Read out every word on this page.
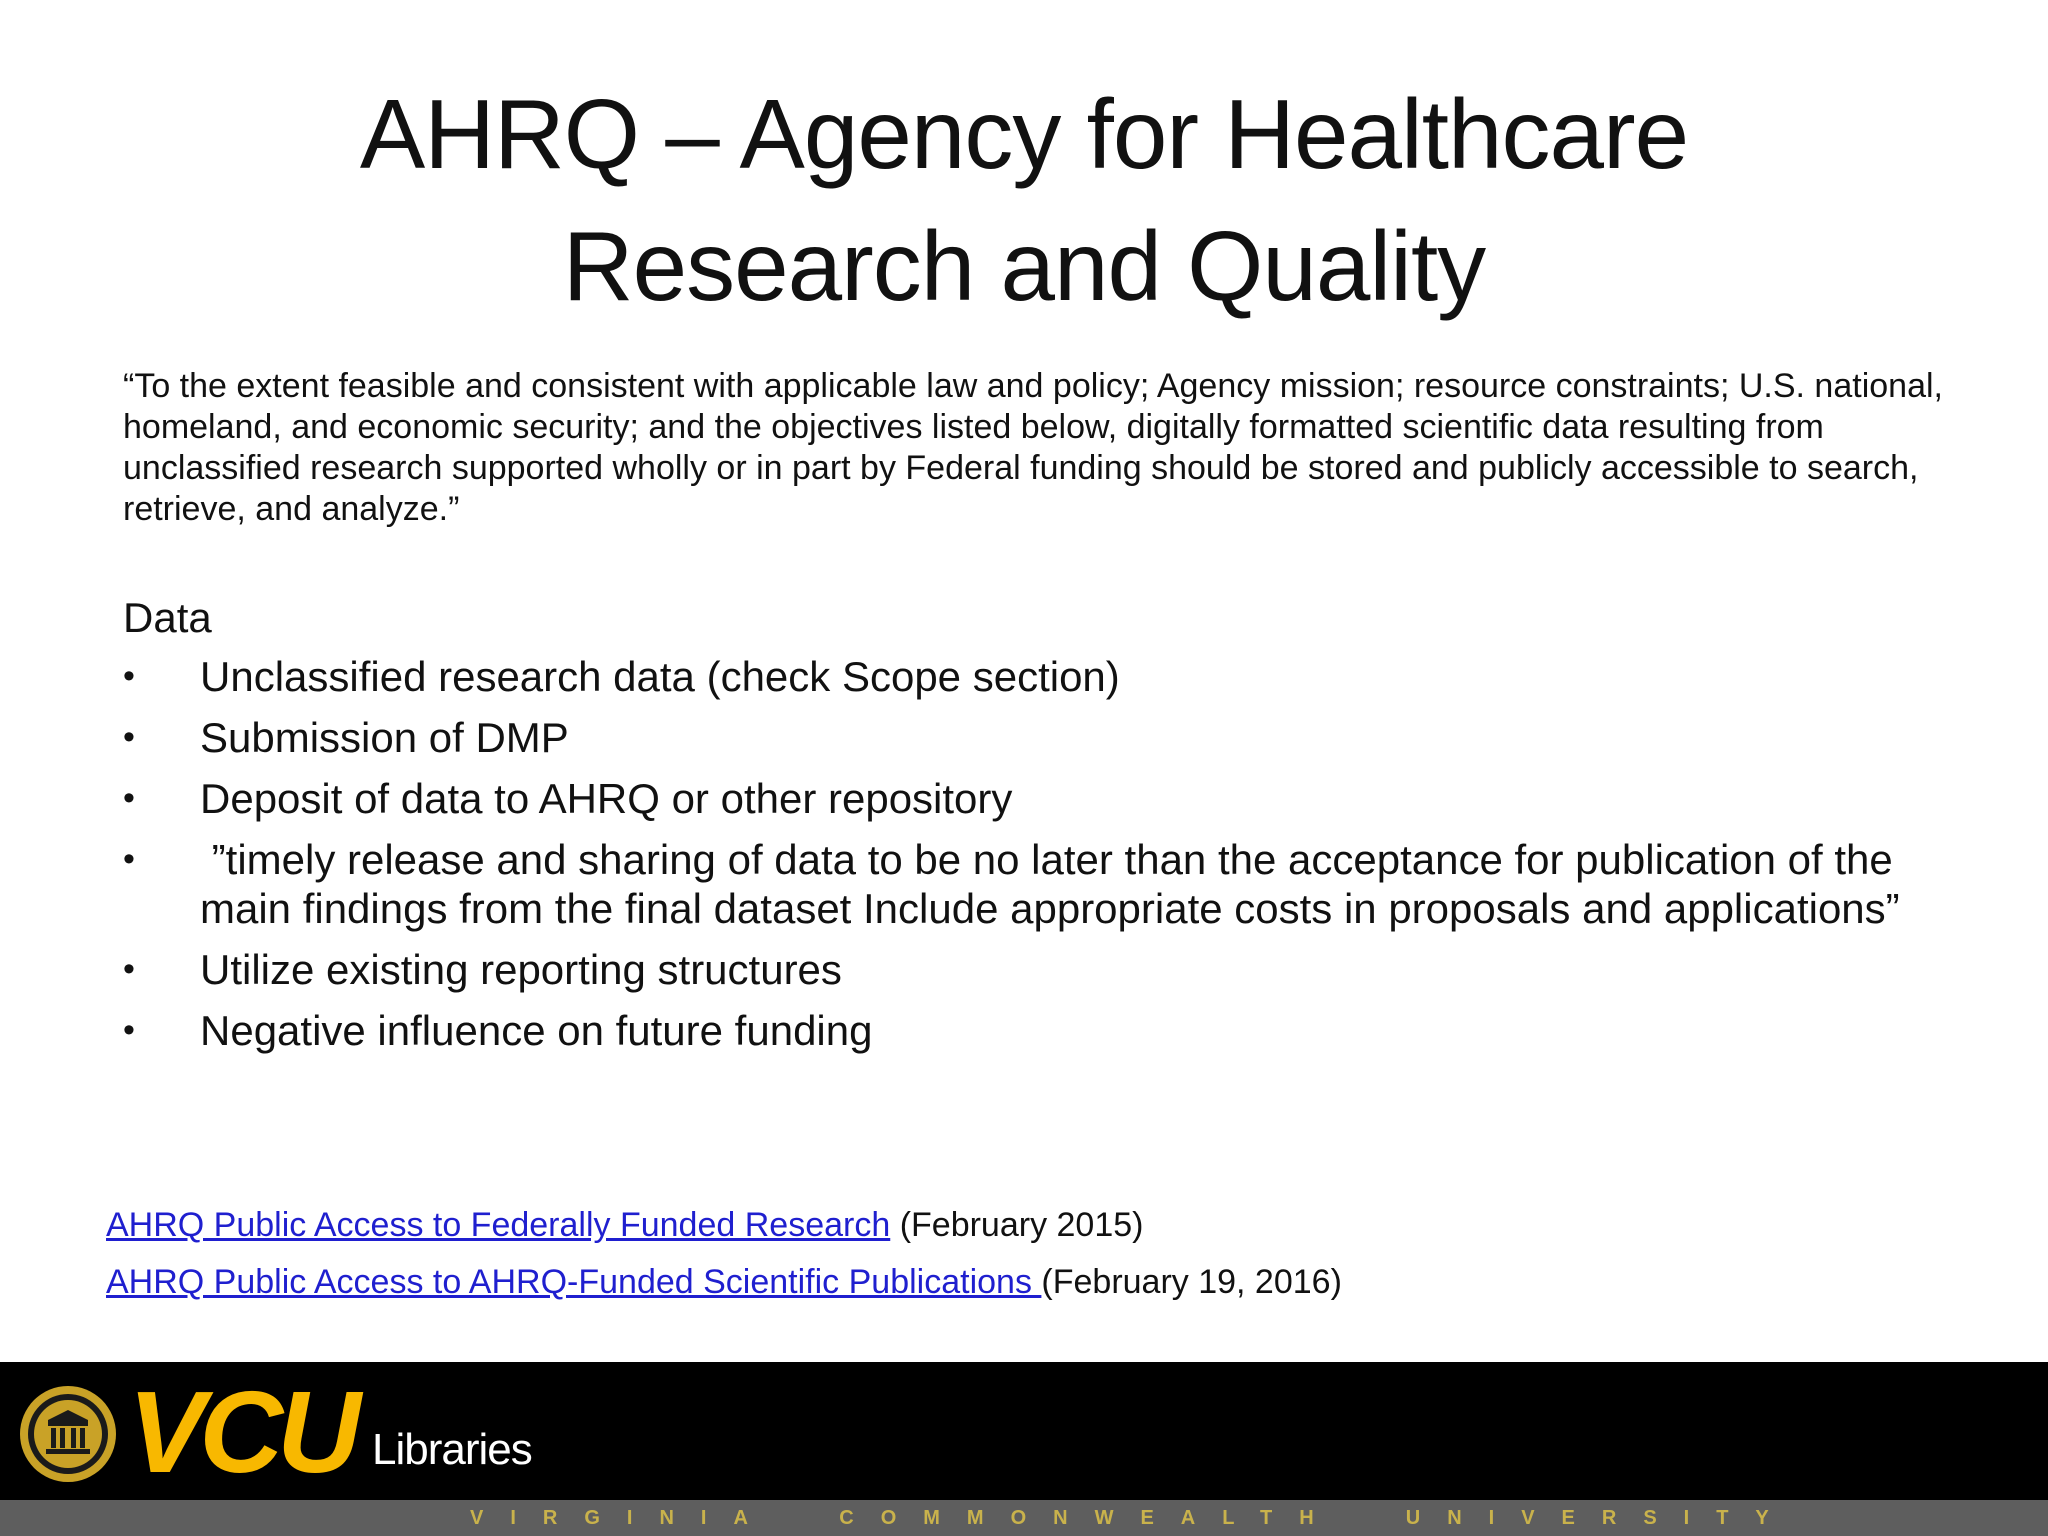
AHRQ – Agency for Healthcare
Research and Quality

“To the extent feasible and consistent with applicable law and policy; Agency mission; resource constraints; U.S. national, homeland, and economic security; and the objectives listed below, digitally formatted scientific data resulting from unclassified research supported wholly or in part by Federal funding should be stored and publicly accessible to search, retrieve, and analyze.”

Data

• Unclassified research data (check Scope section)
• Submission of DMP
• Deposit of data to AHRQ or other repository
• ”timely release and sharing of data to be no later than the acceptance for publication of the main findings from the final dataset Include appropriate costs in proposals and applications”
• Utilize existing reporting structures
• Negative influence on future funding
AHRQ Public Access to Federally Funded Research (February 2015)
AHRQ Public Access to AHRQ-Funded Scientific Publications (February 19, 2016)
VCU Libraries
VIRGINIA  COMMONWEALTH  UNIVERSITY
